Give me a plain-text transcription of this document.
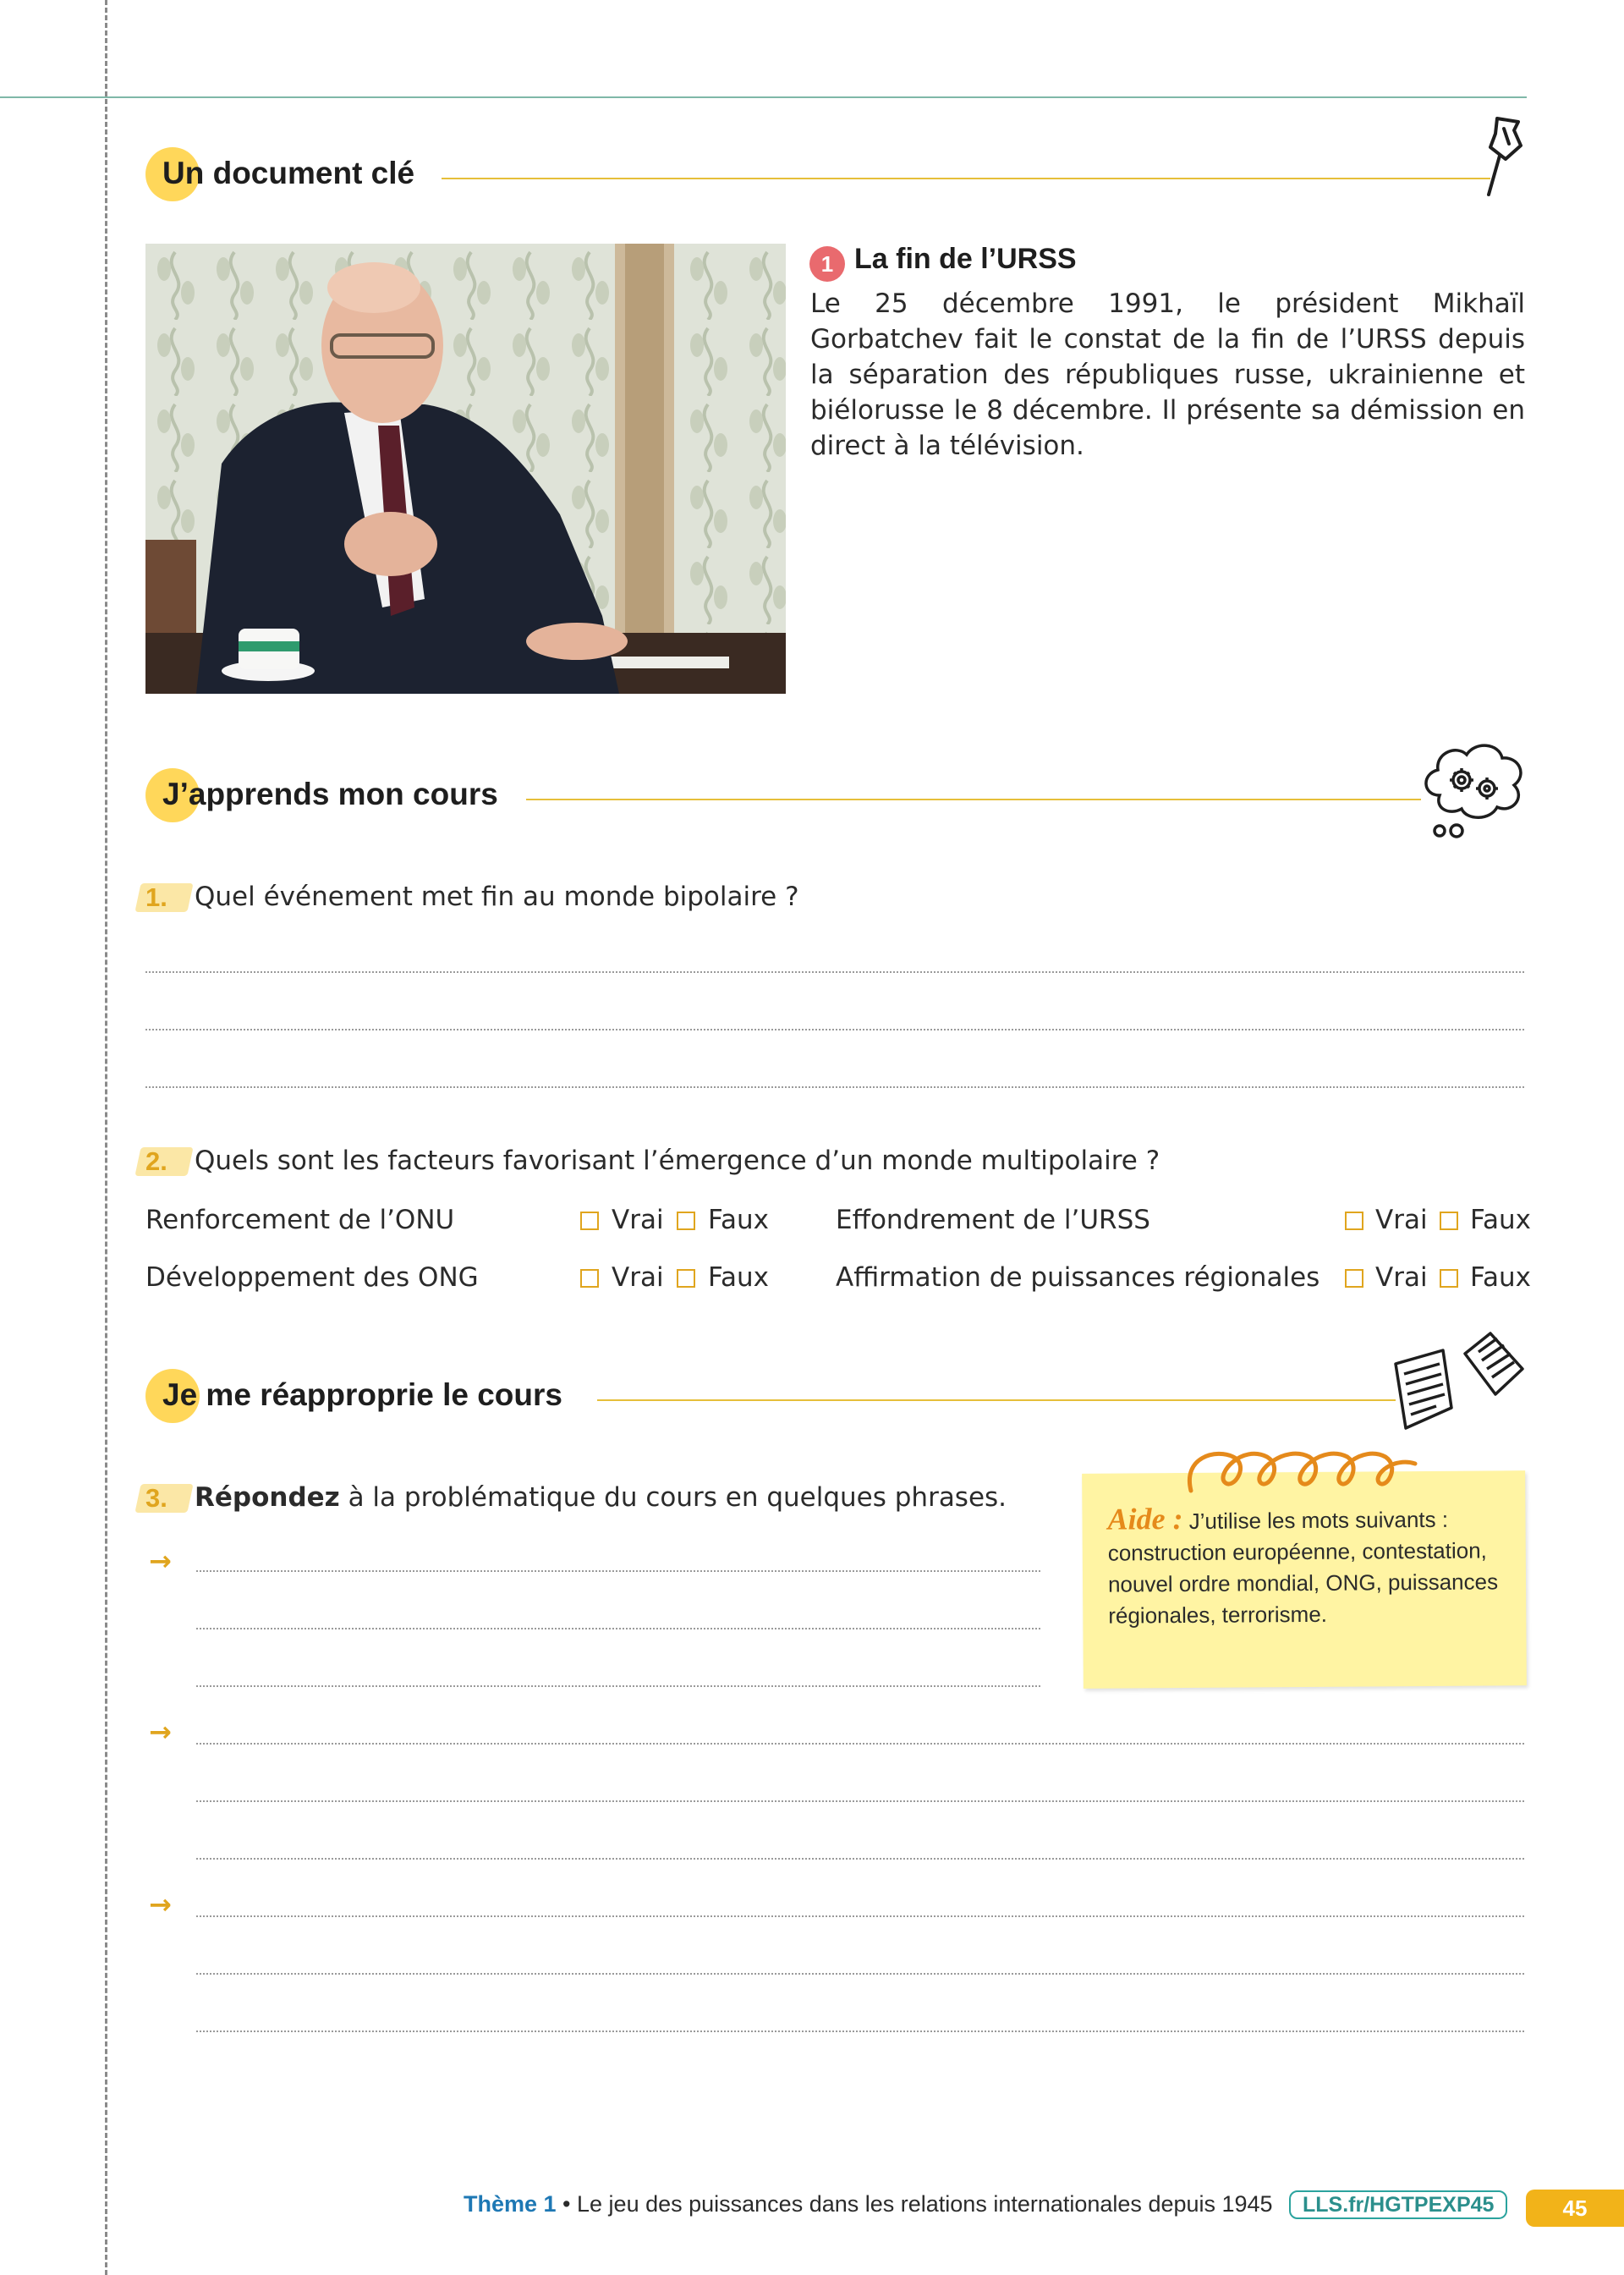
Un document clé
1 La fin de l’URSS
Le 25 décembre 1991, le président Mikhaïl Gorbatchev fait le constat de la fin de l’URSS depuis la séparation des républiques russe, ukrainienne et biélorusse le 8 décembre. Il présente sa démission en direct à la télévision.
J’apprends mon cours
1. Quel événement met fin au monde bipolaire ?
2. Quels sont les facteurs favorisant l’émergence d’un monde multipolaire ?
Renforcement de l’ONU	Vrai Faux	Effondrement de l’URSS	Vrai Faux
Développement des ONG	Vrai Faux	Affirmation de puissances régionales Vrai Faux
Je me réapproprie le cours
3. Répondez à la problématique du cours en quelques phrases.
→
→
→
Aide : J’utilise les mots suivants :
construction européenne, contestation, nouvel ordre mondial, ONG, puissances régionales, terrorisme.
Thème 1 • Le jeu des puissances dans les relations internationales depuis 1945	LLS.fr/HGTPEXP45	45
